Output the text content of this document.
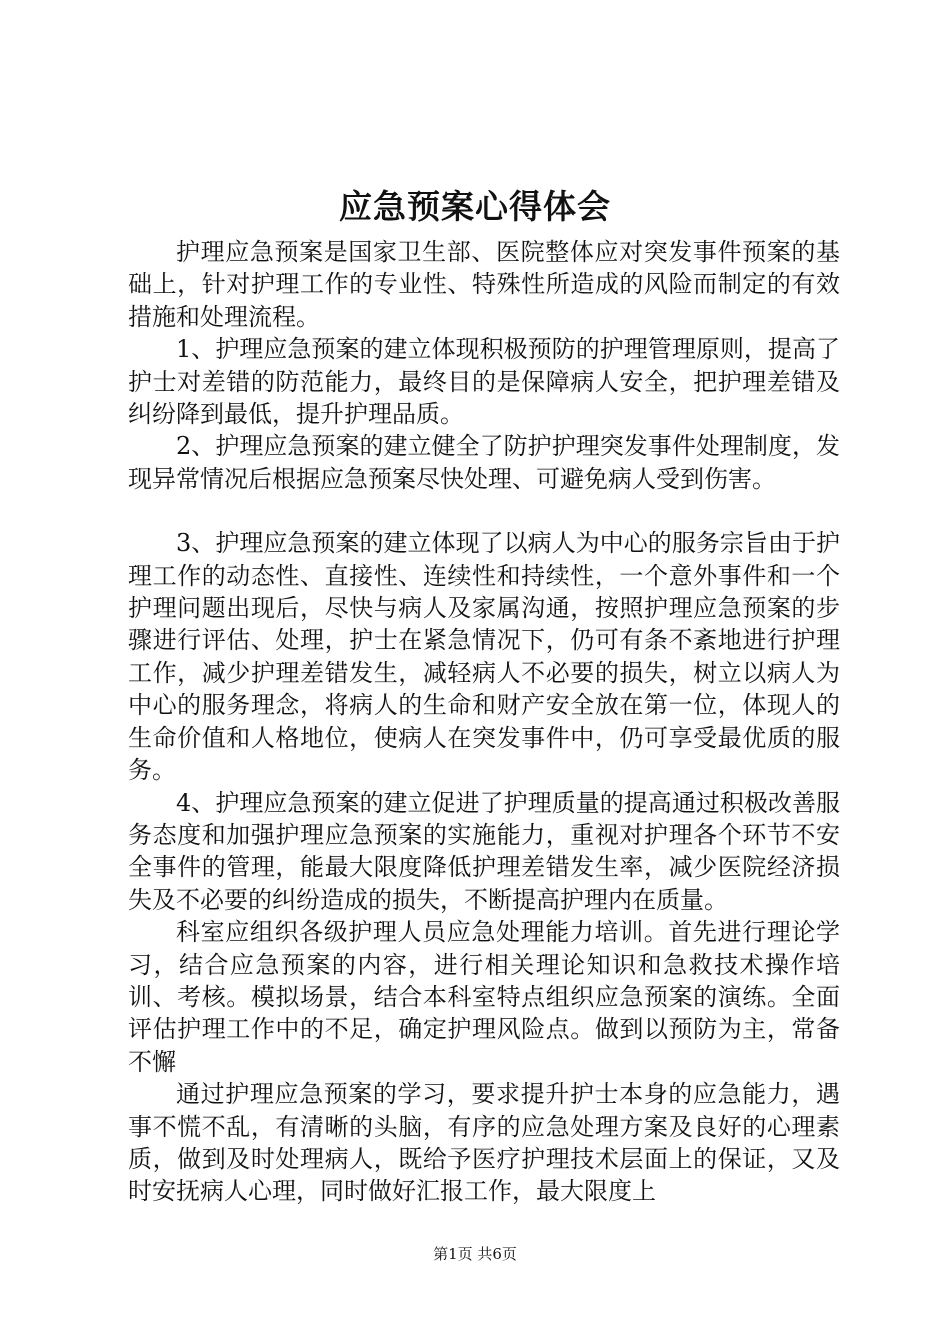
应急预案心得体会

护理应急预案是国家卫生部、医院整体应对突发事件预案的基础上，针对护理工作的专业性、特殊性所造成的风险而制定的有效措施和处理流程。

1、护理应急预案的建立体现积极预防的护理管理原则，提高了护士对差错的防范能力，最终目的是保障病人安全，把护理差错及纠纷降到最低，提升护理品质。

2、护理应急预案的建立健全了防护护理突发事件处理制度，发现异常情况后根据应急预案尽快处理、可避免病人受到伤害。

3、护理应急预案的建立体现了以病人为中心的服务宗旨由于护理工作的动态性、直接性、连续性和持续性，一个意外事件和一个护理问题出现后，尽快与病人及家属沟通，按照护理应急预案的步骤进行评估、处理，护士在紧急情况下，仍可有条不紊地进行护理工作，减少护理差错发生，减轻病人不必要的损失，树立以病人为中心的服务理念，将病人的生命和财产安全放在第一位，体现人的生命价值和人格地位，使病人在突发事件中，仍可享受最优质的服务。

4、护理应急预案的建立促进了护理质量的提高通过积极改善服务态度和加强护理应急预案的实施能力，重视对护理各个环节不安全事件的管理，能最大限度降低护理差错发生率，减少医院经济损失及不必要的纠纷造成的损失，不断提高护理内在质量。

科室应组织各级护理人员应急处理能力培训。首先进行理论学习，结合应急预案的内容，进行相关理论知识和急救技术操作培训、考核。模拟场景，结合本科室特点组织应急预案的演练。全面评估护理工作中的不足，确定护理风险点。做到以预防为主，常备不懈

通过护理应急预案的学习，要求提升护士本身的应急能力，遇事不慌不乱，有清晰的头脑，有序的应急处理方案及良好的心理素质，做到及时处理病人，既给予医疗护理技术层面上的保证，又及时安抚病人心理，同时做好汇报工作，最大限度上

第1页 共6页
